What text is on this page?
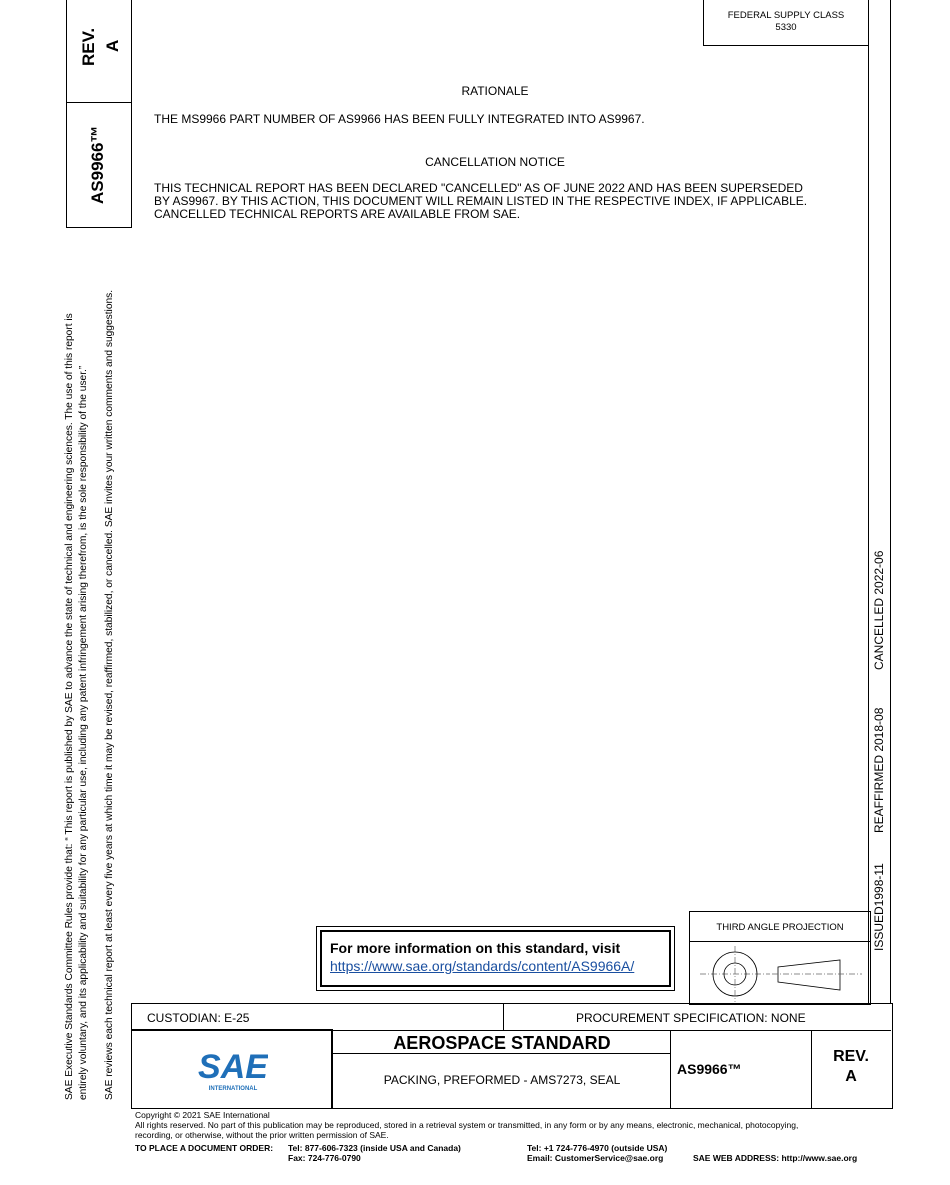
REV. A
AS9966™
SAE Executive Standards Committee Rules provide that: “ This report is published by SAE to advance the state of technical and engineering sciences. The use of this report is entirely voluntary, and its applicability and suitability for any particular use, including any patent infringement arising therefrom, is the sole responsibility of the user.” SAE reviews each technical report at least every five years at which time it may be revised, reaffirmed, stabilized, or cancelled. SAE invites your written comments and suggestions.
FEDERAL SUPPLY CLASS
5330
ISSUED1998-11
REAFFIRMED 2018-08
CANCELLED 2022-06
RATIONALE
THE MS9966 PART NUMBER OF AS9966 HAS BEEN FULLY INTEGRATED INTO AS9967.
CANCELLATION NOTICE
THIS TECHNICAL REPORT HAS BEEN DECLARED "CANCELLED" AS OF JUNE 2022 AND HAS BEEN SUPERSEDED
BY AS9967. BY THIS ACTION, THIS DOCUMENT WILL REMAIN LISTED IN THE RESPECTIVE INDEX, IF APPLICABLE.
CANCELLED TECHNICAL REPORTS ARE AVAILABLE FROM SAE.
For more information on this standard, visit
https://www.sae.org/standards/content/AS9966A/
THIRD ANGLE PROJECTION
CUSTODIAN: E-25	PROCUREMENT SPECIFICATION: NONE
SAE
INTERNATIONAL
AEROSPACE STANDARD
PACKING, PREFORMED - AMS7273, SEAL
AS9966™
REV.
A
Copyright © 2021 SAE International
All rights reserved. No part of this publication may be reproduced, stored in a retrieval system or transmitted, in any form or by any means, electronic, mechanical, photocopying,
recording, or otherwise, without the prior written permission of SAE.
TO PLACE A DOCUMENT ORDER: Tel: 877-606-7323 (inside USA and Canada)
Fax: 724-776-0790
Tel: +1 724-776-4970 (outside USA)
Email: CustomerService@sae.org	SAE WEB ADDRESS: http://www.sae.org
